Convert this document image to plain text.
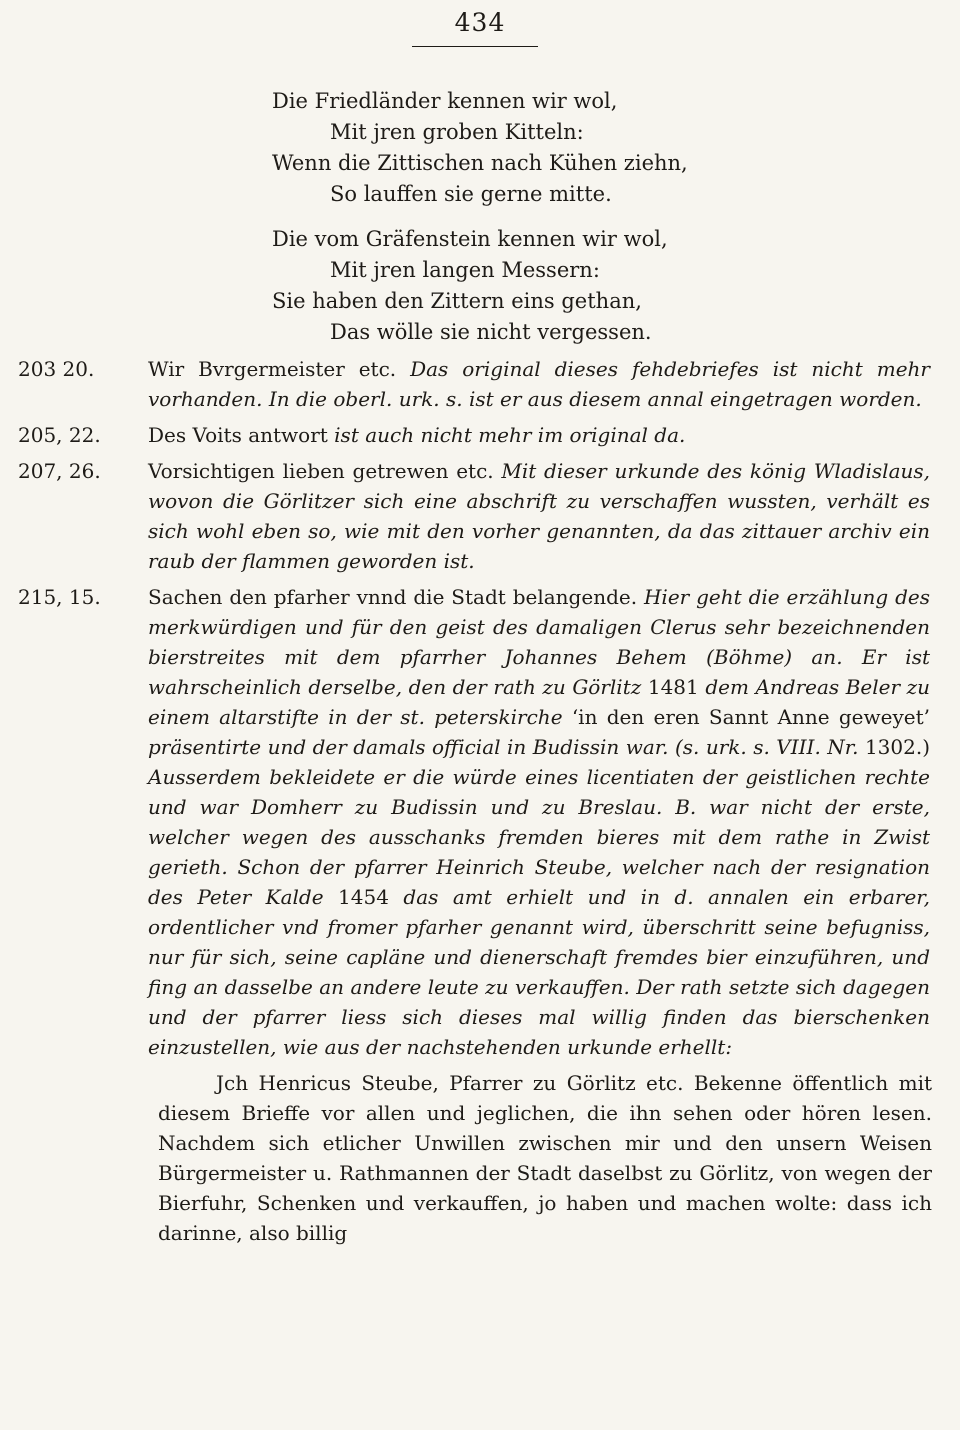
434
Die Friedländer kennen wir wol,
Mit jren groben Kitteln:
Wenn die Zittischen nach Kühen ziehn,
So lauffen sie gerne mitte.
Die vom Gräfenstein kennen wir wol,
Mit jren langen Messern:
Sie haben den Zittern eins gethan,
Das wölle sie nicht vergessen.
203 20.	Wir Bvrgermeister etc. Das original dieses fehdebriefes ist nicht mehr vorhanden. In die oberl. urk. s. ist er aus diesem annal eingetragen worden.
205, 22. Des Voits antwort ist auch nicht mehr im original da.
207, 26. Vorsichtigen lieben getrewen etc. Mit dieser urkunde des könig Wladislaus, wovon die Görlitzer sich eine abschrift zu verschaffen wussten, verhält es sich wohl eben so, wie mit den vorher genannten, da das zittauer archiv ein raub der flammen geworden ist.
215, 15. Sachen den pfarher vnnd die Stadt belangende. Hier geht die erzählung des merkwürdigen und für den geist des damaligen Clerus sehr bezeichnenden bierstreites mit dem pfarrher Johannes Behem (Böhme) an. Er ist wahrscheinlich derselbe, den der rath zu Görlitz 1481 dem Andreas Beler zu einem altarstifte in der st. peterskirche ‘in den eren Sannt Anne geweyet’ präsentirte und der damals official in Budissin war. (s. urk. s. VIII. Nr. 1302.) Ausserdem bekleidete er die würde eines licentiaten der geistlichen rechte und war Domherr zu Budissin und zu Breslau. B. war nicht der erste, welcher wegen des ausschanks fremden bieres mit dem rathe in Zwist gerieth. Schon der pfarrer Heinrich Steube, welcher nach der resignation des Peter Kalde 1454 das amt erhielt und in d. annalen ein erbarer, ordentlicher vnd fromer pfarher genannt wird, überschritt seine befugniss, nur für sich, seine capläne und dienerschaft fremdes bier einzuführen, und fing an dasselbe an andere leute zu verkauffen. Der rath setzte sich dagegen und der pfarrer liess sich dieses mal willig finden das bierschenken einzustellen, wie aus der nachstehenden urkunde erhellt:
Jch Henricus Steube, Pfarrer zu Görlitz etc. Bekenne öffentlich mit diesem Brieffe vor allen und jeglichen, die ihn sehen oder hören lesen. Nachdem sich etlicher Unwillen zwischen mir und den unsern Weisen Bürgermeister u. Rathmannen der Stadt daselbst zu Görlitz, von wegen der Bierfuhr, Schenken und verkauffen, jo haben und machen wolte: dass ich darinne, also billig
